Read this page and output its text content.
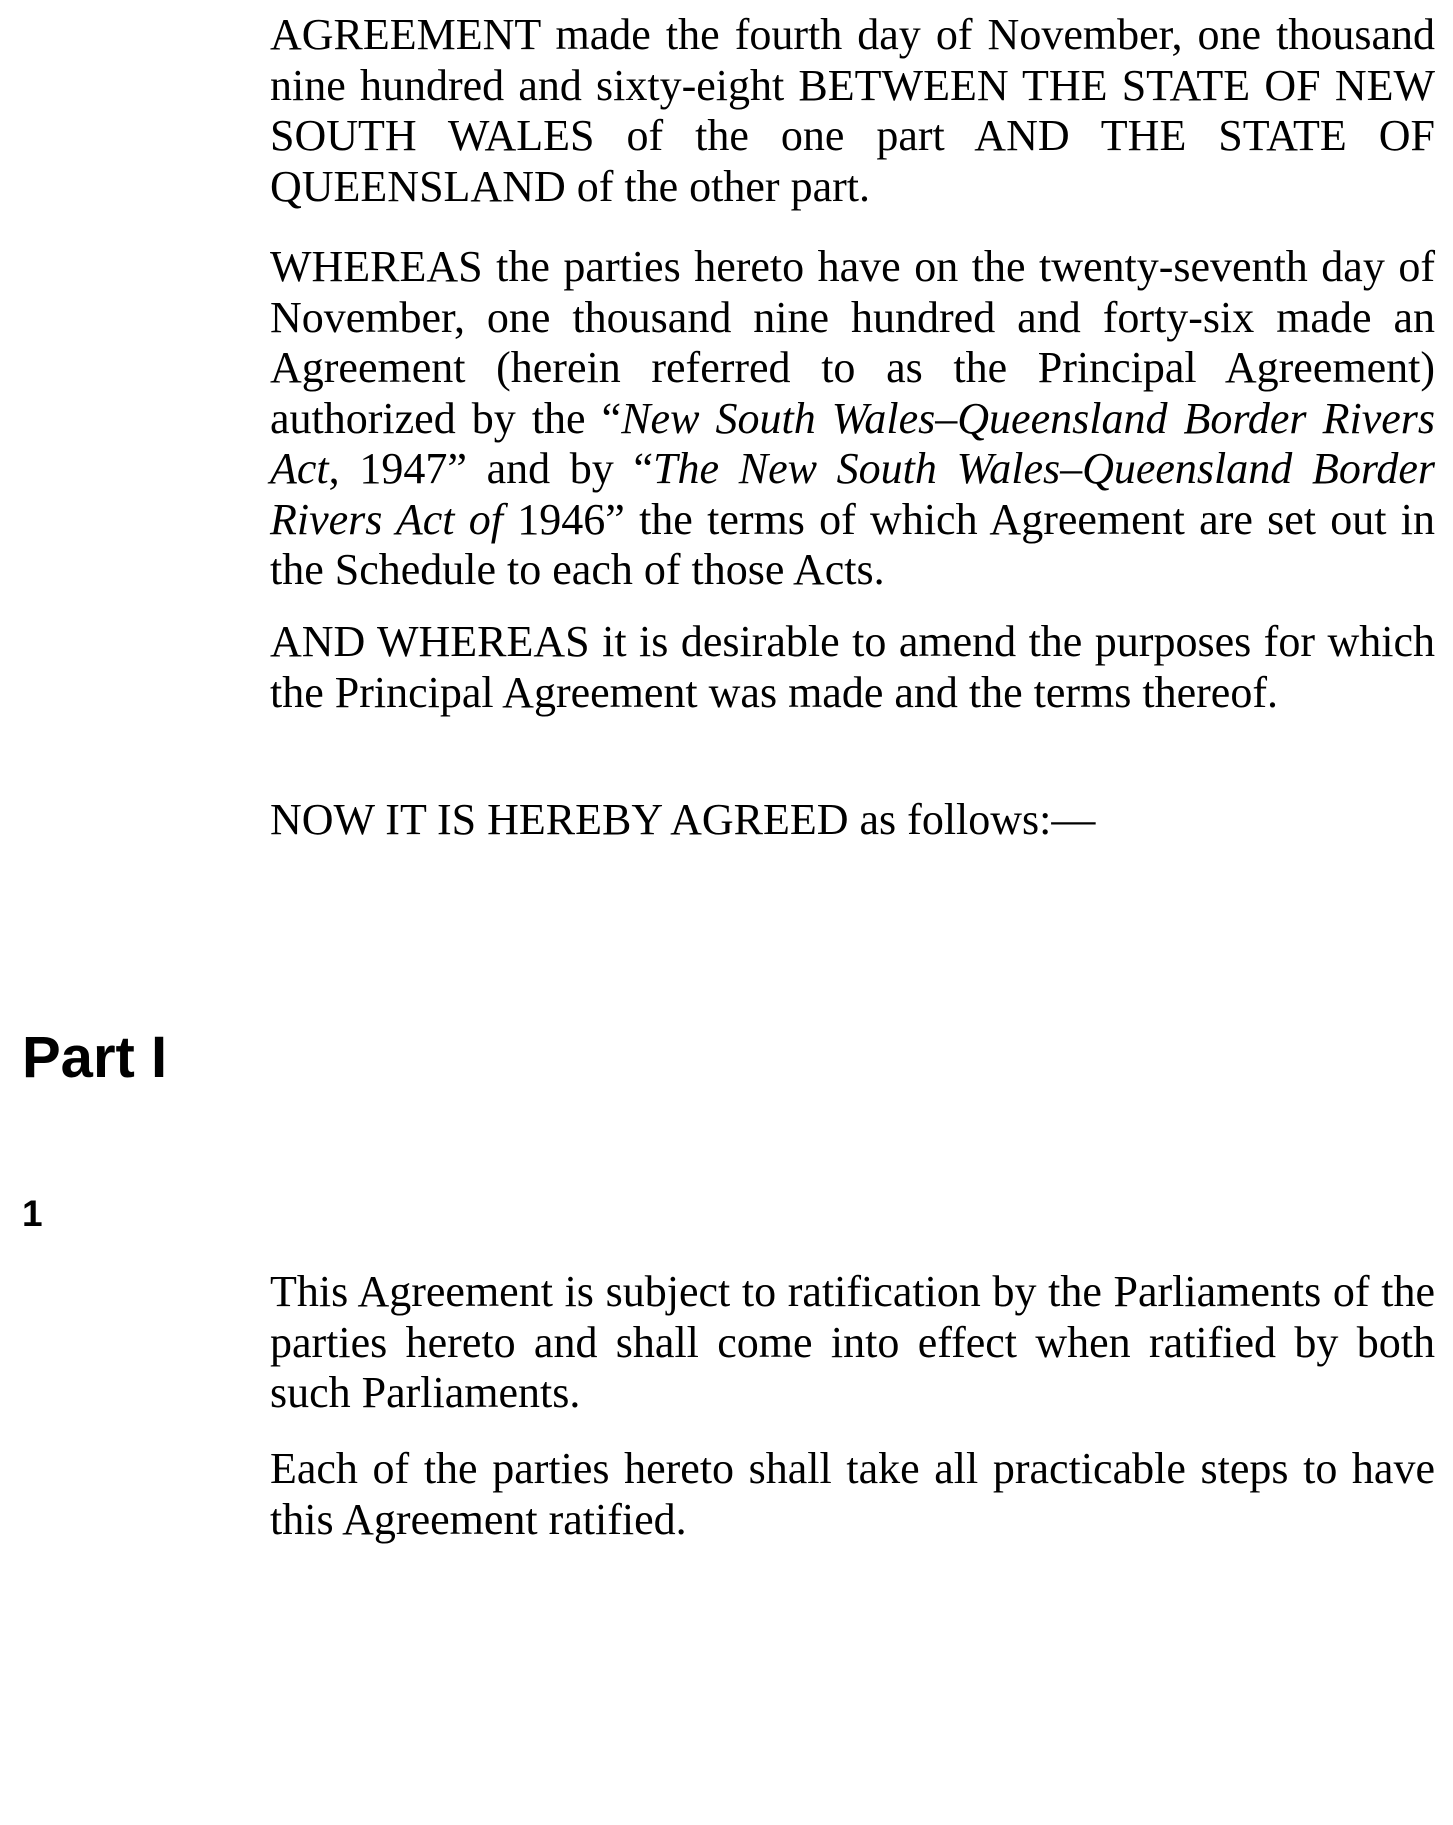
AGREEMENT made the fourth day of November, one thousand nine hundred and sixty-eight BETWEEN THE STATE OF NEW SOUTH WALES of the one part AND THE STATE OF QUEENSLAND of the other part.

WHEREAS the parties hereto have on the twenty-seventh day of November, one thousand nine hundred and forty-six made an Agreement (herein referred to as the Principal Agreement) authorized by the “New South Wales–Queensland Border Rivers Act, 1947” and by “The New South Wales–Queensland Border Rivers Act of 1946” the terms of which Agreement are set out in the Schedule to each of those Acts.

AND WHEREAS it is desirable to amend the purposes for which the Principal Agreement was made and the terms thereof.

NOW IT IS HEREBY AGREED as follows:—

Part I
1

This Agreement is subject to ratification by the Parliaments of the parties hereto and shall come into effect when ratified by both such Parliaments.

Each of the parties hereto shall take all practicable steps to have this Agreement ratified.
